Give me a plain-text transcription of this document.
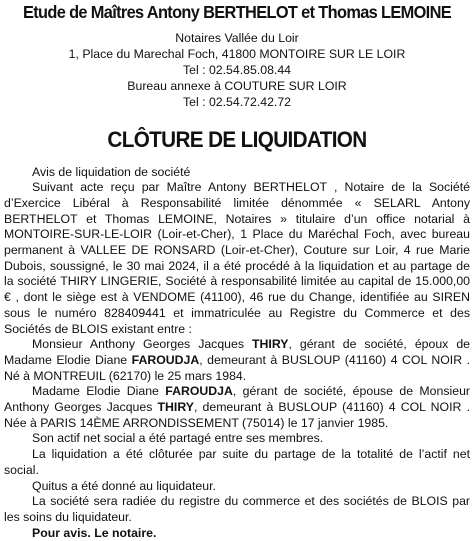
Etude de Maîtres Antony BERTHELOT et Thomas LEMOINE
Notaires Vallée du Loir
1, Place du Marechal Foch, 41800 MONTOIRE SUR LE LOIR
Tel : 02.54.85.08.44
Bureau annexe à COUTURE SUR LOIR
Tel : 02.54.72.42.72
CLÔTURE DE LIQUIDATION

Avis de liquidation de société

Suivant acte reçu par Maître Antony BERTHELOT , Notaire de la Société d’Exercice Libéral à Responsabilité limitée dénommée « SELARL Antony BERTHELOT et Thomas LEMOINE, Notaires » titulaire d’un office notarial à MONTOIRE-SUR-LE-LOIR (Loir-et-Cher), 1 Place du Maréchal Foch, avec bureau permanent à VALLEE DE RONSARD (Loir-et-Cher), Couture sur Loir, 4 rue Marie Dubois, soussigné, le 30 mai 2024, il a été procédé à la liquidation et au partage de la société THIRY LINGERIE, Société à responsabilité limitée au capital de 15.000,00 € , dont le siège est à VENDOME (41100), 46 rue du Change, identifiée au SIREN sous le numéro 828409441 et immatriculée au Registre du Commerce et des Sociétés de BLOIS existant entre :

Monsieur Anthony Georges Jacques THIRY, gérant de société, époux de Madame Elodie Diane FAROUDJA, demeurant à BUSLOUP (41160) 4 COL NOIR . Né à MONTREUIL (62170) le 25 mars 1984.

Madame Elodie Diane FAROUDJA, gérant de société, épouse de Monsieur Anthony Georges Jacques THIRY, demeurant à BUSLOUP (41160) 4 COL NOIR . Née à PARIS 14ÈME ARRONDISSEMENT (75014) le 17 janvier 1985.

Son actif net social a été partagé entre ses membres.

La liquidation a été clôturée par suite du partage de la totalité de l’actif net social.

Quitus a été donné au liquidateur.

La société sera radiée du registre du commerce et des sociétés de BLOIS par les soins du liquidateur.

Pour avis. Le notaire.
